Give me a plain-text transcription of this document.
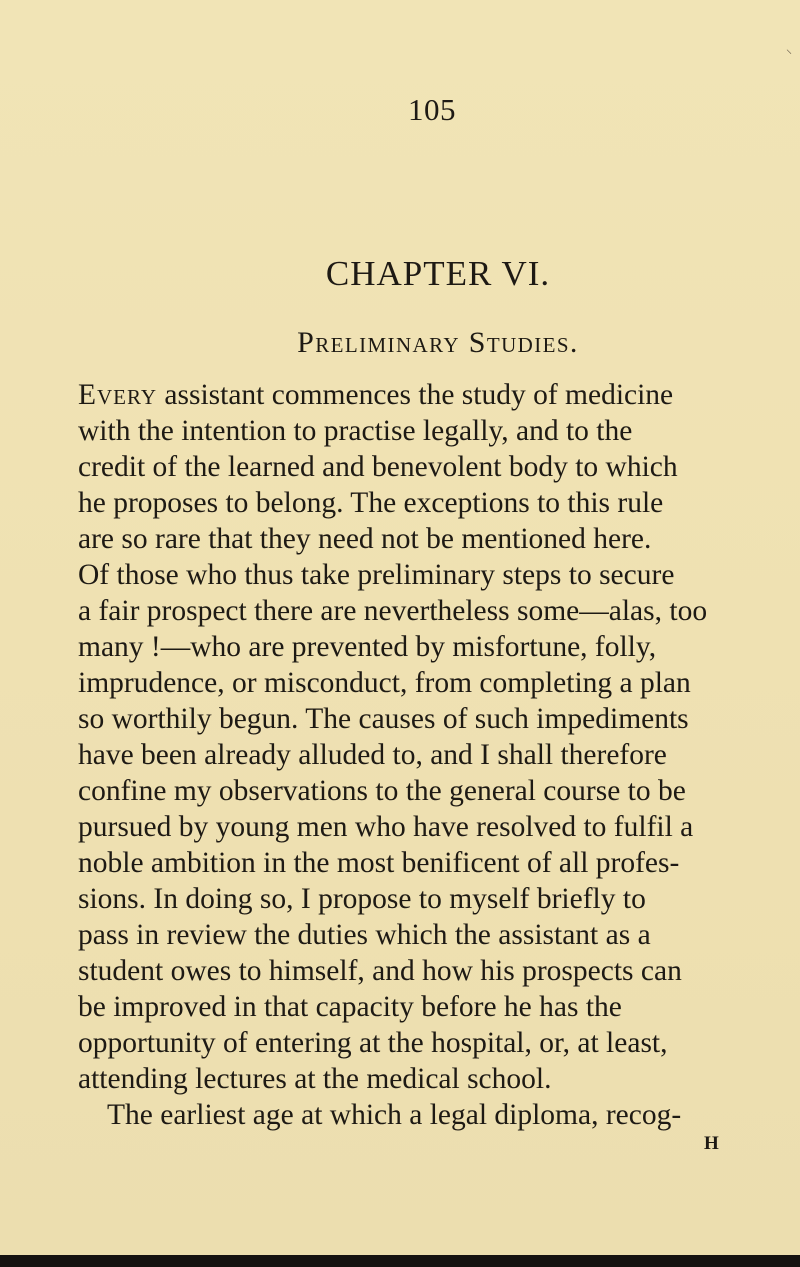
⸜
105
CHAPTER VI.
Preliminary Studies.
Every assistant commences the study of medicine
with the intention to practise legally, and to the
credit of the learned and benevolent body to which
he proposes to belong. The exceptions to this rule
are so rare that they need not be mentioned here.
Of those who thus take preliminary steps to secure
a fair prospect there are nevertheless some—alas, too
many !—who are prevented by misfortune, folly,
imprudence, or misconduct, from completing a plan
so worthily begun. The causes of such impediments
have been already alluded to, and I shall therefore
confine my observations to the general course to be
pursued by young men who have resolved to fulfil a
noble ambition in the most benificent of all profes-
sions. In doing so, I propose to myself briefly to
pass in review the duties which the assistant as a
student owes to himself, and how his prospects can
be improved in that capacity before he has the
opportunity of entering at the hospital, or, at least,
attending lectures at the medical school.
The earliest age at which a legal diploma, recog-
H
